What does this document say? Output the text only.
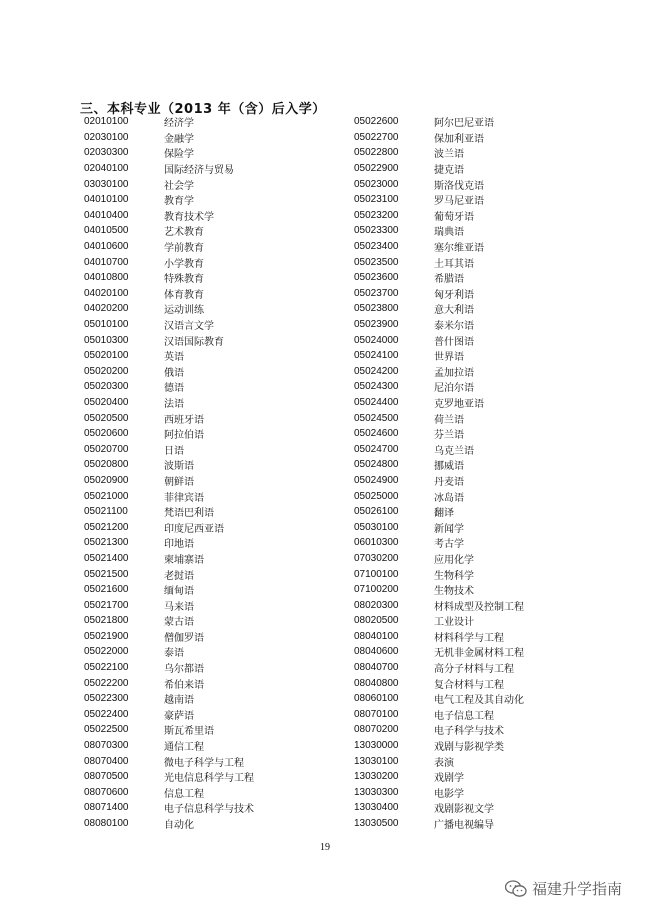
三、本科专业（2013 年（含）后入学）
02010100	经济学
02030100	金融学
02030300	保险学
02040100	国际经济与贸易
03030100	社会学
04010100	教育学
04010400	教育技术学
04010500	艺术教育
04010600	学前教育
04010700	小学教育
04010800	特殊教育
04020100	体育教育
04020200	运动训练
05010100	汉语言文学
05010300	汉语国际教育
05020100	英语
05020200	俄语
05020300	德语
05020400	法语
05020500	西班牙语
05020600	阿拉伯语
05020700	日语
05020800	波斯语
05020900	朝鲜语
05021000	菲律宾语
05021100	梵语巴利语
05021200	印度尼西亚语
05021300	印地语
05021400	柬埔寨语
05021500	老挝语
05021600	缅甸语
05021700	马来语
05021800	蒙古语
05021900	僧伽罗语
05022000	泰语
05022100	乌尔都语
05022200	希伯来语
05022300	越南语
05022400	豪萨语
05022500	斯瓦希里语
08070300	通信工程
08070400	微电子科学与工程
08070500	光电信息科学与工程
08070600	信息工程
08071400	电子信息科学与技术
08080100	自动化
05022600	阿尔巴尼亚语
05022700	保加利亚语
05022800	波兰语
05022900	捷克语
05023000	斯洛伐克语
05023100	罗马尼亚语
05023200	葡萄牙语
05023300	瑞典语
05023400	塞尔维亚语
05023500	土耳其语
05023600	希腊语
05023700	匈牙利语
05023800	意大利语
05023900	泰米尔语
05024000	普什图语
05024100	世界语
05024200	孟加拉语
05024300	尼泊尔语
05024400	克罗地亚语
05024500	荷兰语
05024600	芬兰语
05024700	乌克兰语
05024800	挪威语
05024900	丹麦语
05025000	冰岛语
05026100	翻译
05030100	新闻学
06010300	考古学
07030200	应用化学
07100100	生物科学
07100200	生物技术
08020300	材料成型及控制工程
08020500	工业设计
08040100	材料科学与工程
08040600	无机非金属材料工程
08040700	高分子材料与工程
08040800	复合材料与工程
08060100	电气工程及其自动化
08070100	电子信息工程
08070200	电子科学与技术
13030000	戏剧与影视学类
13030100	表演
13030200	戏剧学
13030300	电影学
13030400	戏剧影视文学
13030500	广播电视编导
19
福建升学指南
